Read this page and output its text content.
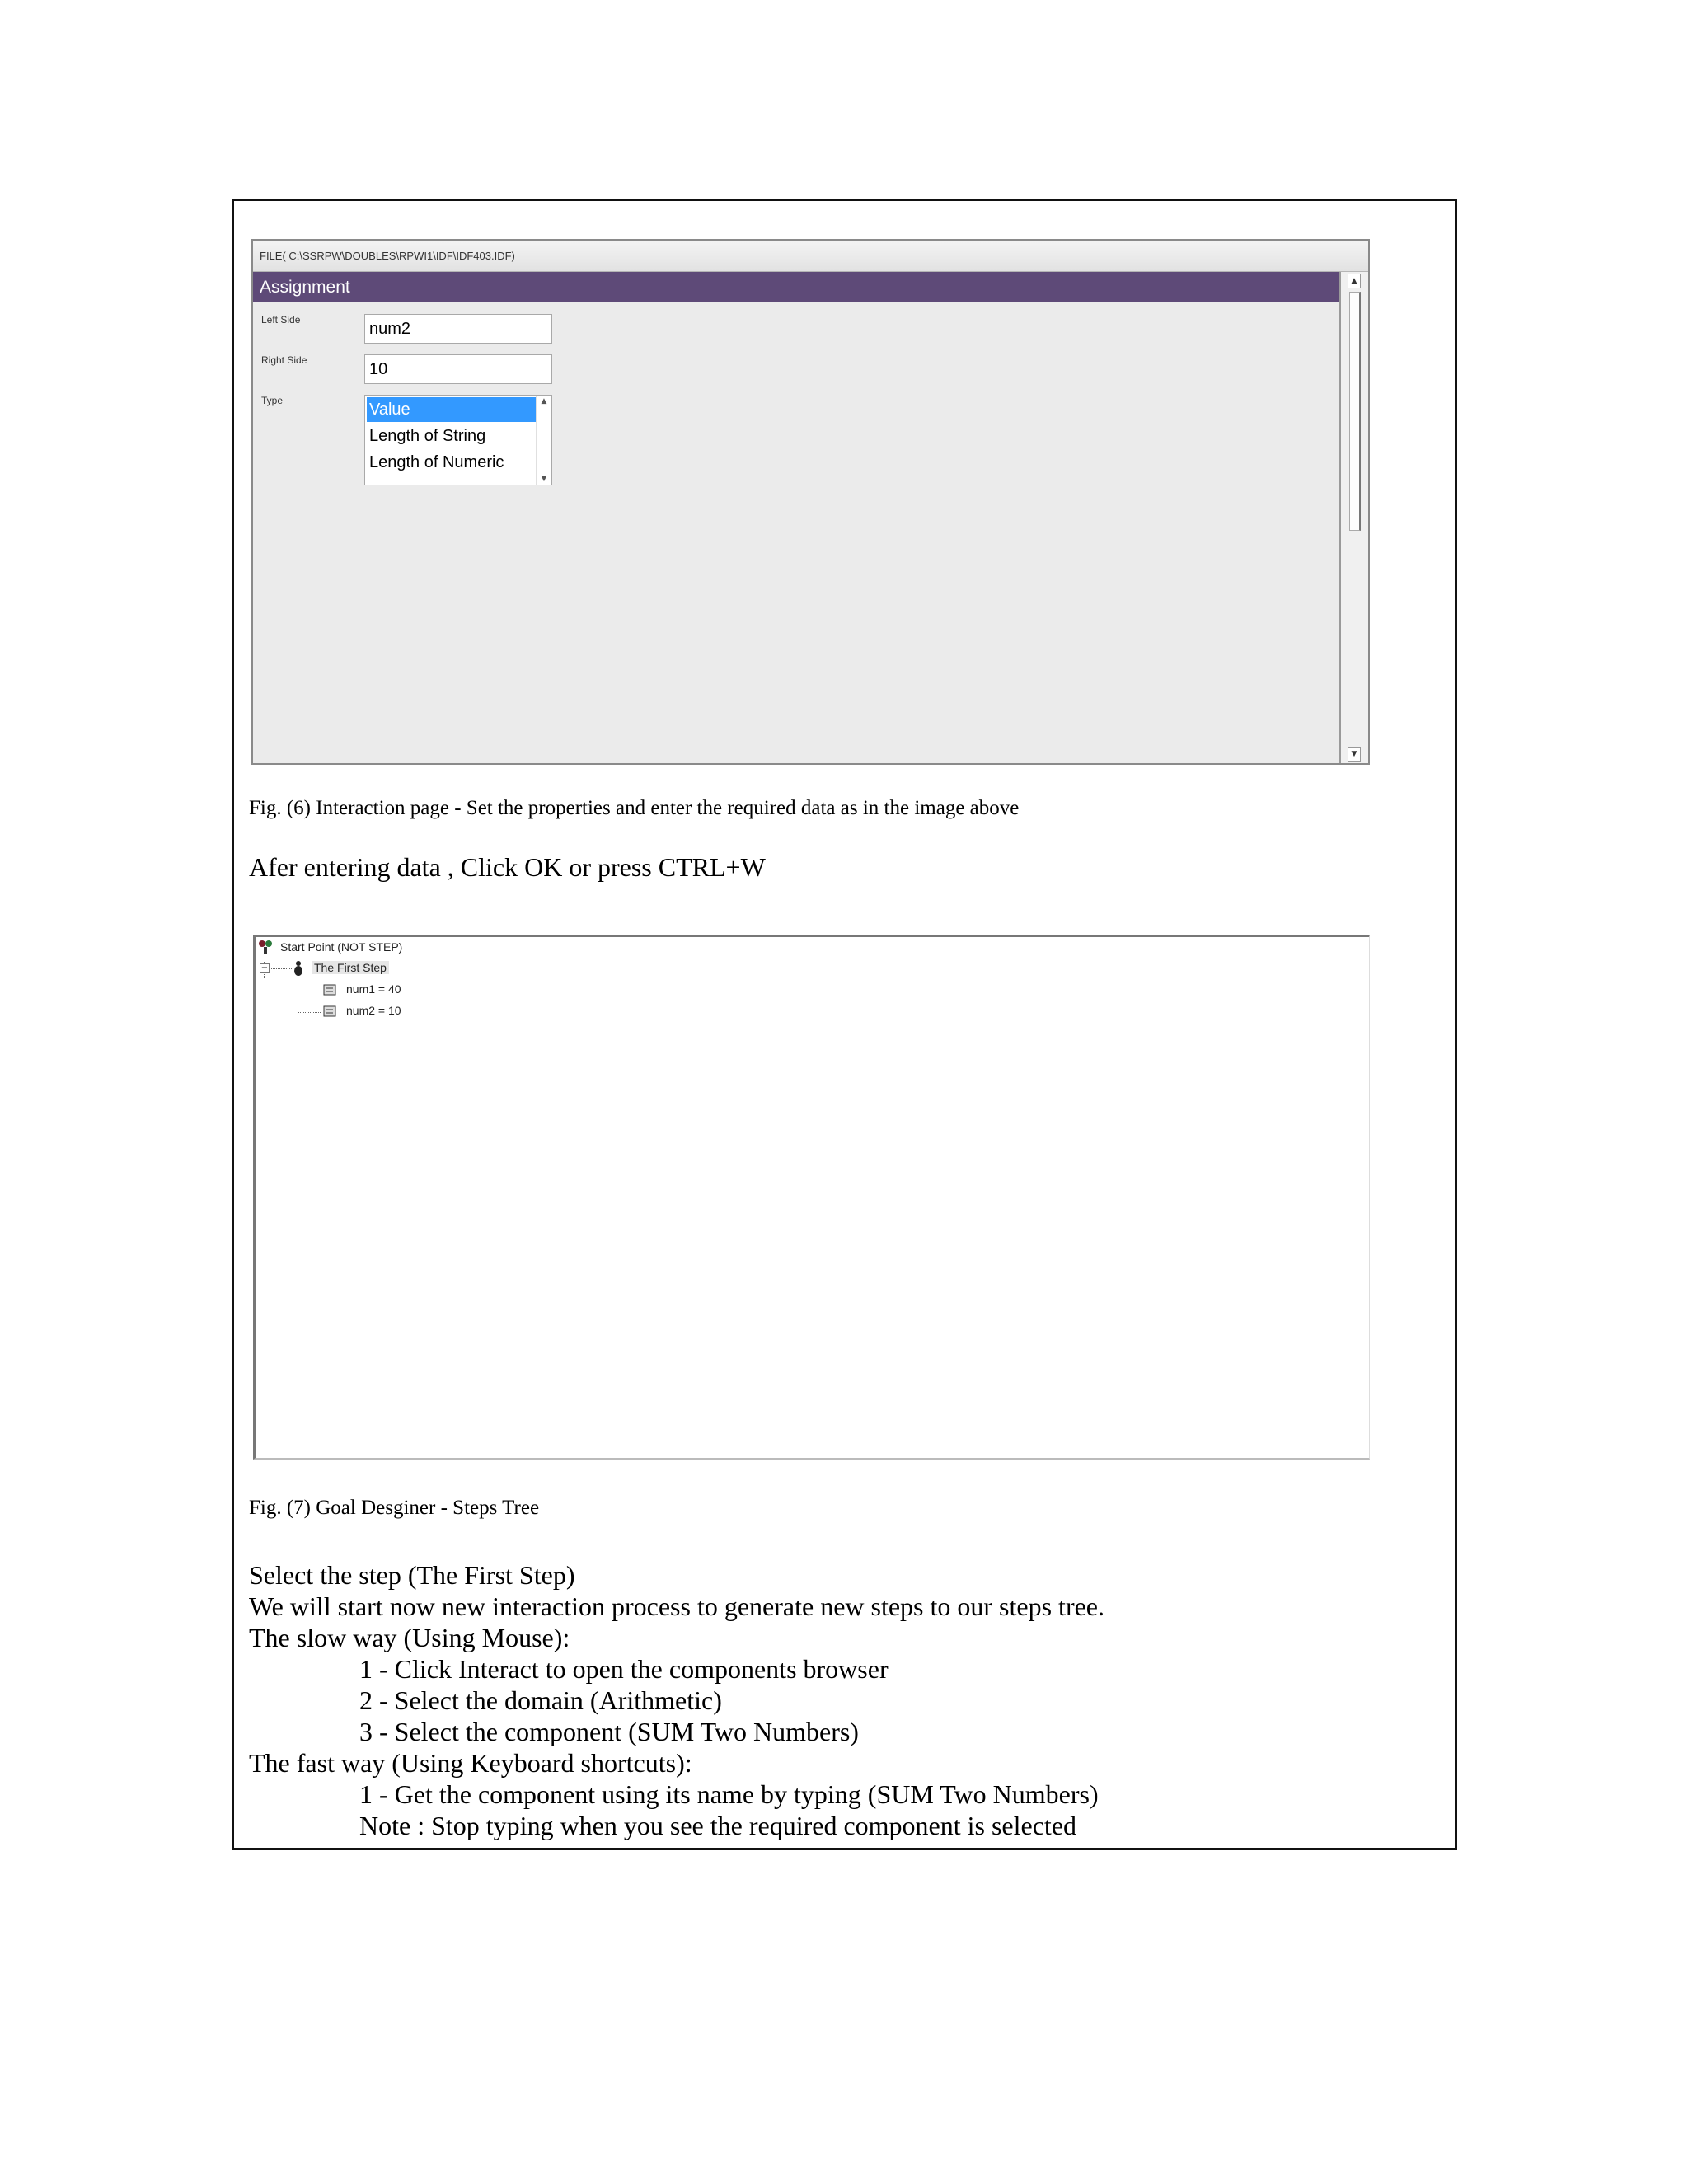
FILE( C:\SSRPW\DOUBLES\RPWI1\IDF\IDF403.IDF)
Assignment
Left Side	num2
Right Side	10
Type	Value
Length of String
Length of Numeric
▲
▼
▲
▼
Fig. (6) Interaction page - Set the properties and enter the required data as in the image above
Afer entering data , Click OK or press CTRL+W
Start Point (NOT STEP)
−	The First Step
num1 = 40
num2 = 10
Fig. (7) Goal Desginer - Steps Tree
Select the step (The First Step)
We will start now new interaction process to generate new steps to our steps tree.
The slow way (Using Mouse):
1 - Click Interact to open the components browser
2 - Select the domain (Arithmetic)
3 - Select the component (SUM Two Numbers)
The fast way (Using Keyboard shortcuts):
1 - Get the component using its name by typing (SUM Two Numbers)
Note : Stop typing when you see the required component is selected
